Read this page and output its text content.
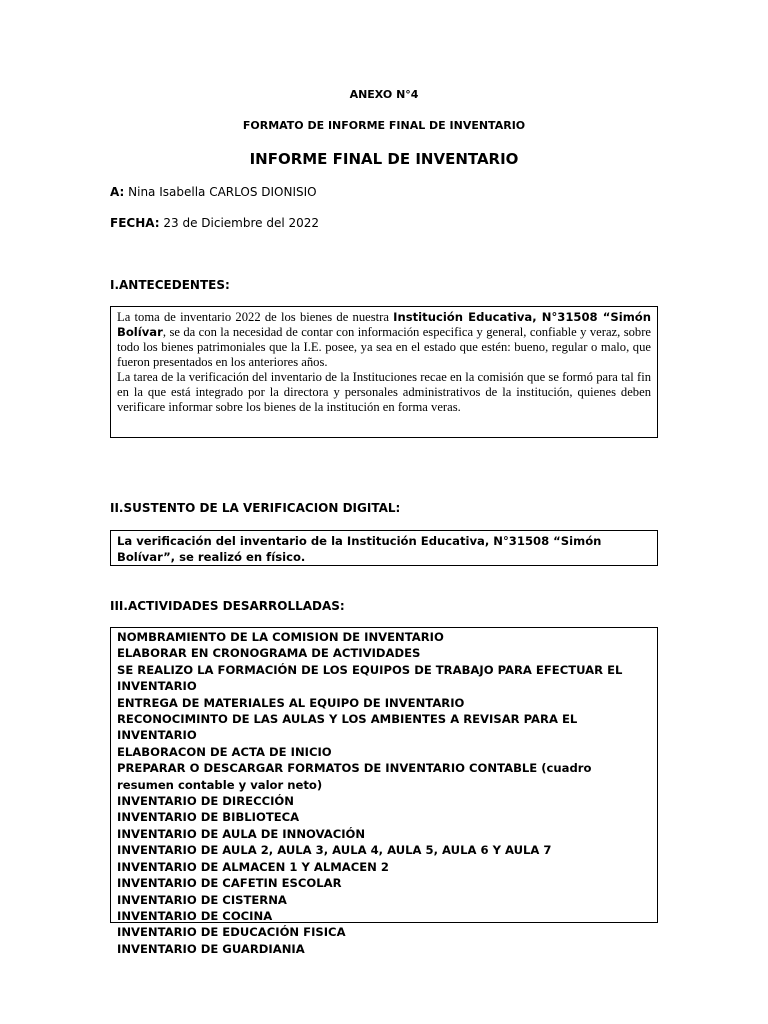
ANEXO N°4
FORMATO DE INFORME FINAL DE INVENTARIO
INFORME FINAL DE INVENTARIO
A: Nina Isabella CARLOS DIONISIO
FECHA: 23 de Diciembre del 2022
I.ANTECEDENTES:

La toma de inventario 2022 de los bienes de nuestra Institución Educativa, N°31508 “Simón Bolívar, se da con la necesidad de contar con información especifica y general, confiable y veraz, sobre todo los bienes patrimoniales que la I.E. posee, ya sea en el estado que estén: bueno, regular o malo, que fueron presentados en los anteriores años.

La tarea de la verificación del inventario de la Instituciones recae en la comisión que se formó para tal fin en la que está integrado por la directora y personales administrativos de la institución, quienes deben verificare informar sobre los bienes de la institución en forma veras.

II.SUSTENTO DE LA VERIFICACION DIGITAL:
La verificación del inventario de la Institución Educativa, N°31508 “Simón Bolívar”, se realizó en físico.
III.ACTIVIDADES DESARROLLADAS:
NOMBRAMIENTO DE LA COMISION DE INVENTARIO
ELABORAR EN CRONOGRAMA DE ACTIVIDADES
SE REALIZO LA FORMACIÓN DE LOS EQUIPOS DE TRABAJO PARA EFECTUAR EL INVENTARIO
ENTREGA DE MATERIALES AL EQUIPO DE INVENTARIO
RECONOCIMINTO DE LAS AULAS Y LOS AMBIENTES A REVISAR PARA EL INVENTARIO
ELABORACON DE ACTA DE INICIO
PREPARAR O DESCARGAR FORMATOS DE INVENTARIO CONTABLE (cuadro resumen contable y valor neto)
INVENTARIO DE DIRECCIÓN
INVENTARIO DE BIBLIOTECA
INVENTARIO DE AULA DE INNOVACIÓN
INVENTARIO DE AULA 2, AULA 3, AULA 4, AULA 5, AULA 6 Y AULA 7
INVENTARIO DE ALMACEN 1 Y ALMACEN 2
INVENTARIO DE CAFETIN ESCOLAR
INVENTARIO DE CISTERNA
INVENTARIO DE COCINA
INVENTARIO DE EDUCACIÓN FISICA
INVENTARIO DE GUARDIANIA
